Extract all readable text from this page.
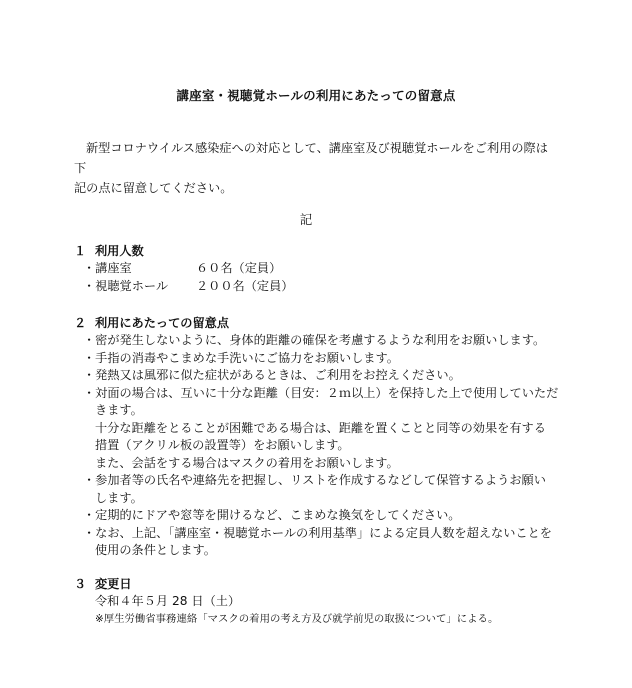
講座室・視聴覚ホールの利用にあたっての留意点

新型コロナウイルス感染症への対応として、講座室及び視聴覚ホールをご利用の際は下

記の点に留意してください。

記
１ 利用人数
・講座室	６０名（定員）
・視聴覚ホール	２００名（定員）
２ 利用にあたっての留意点
・密が発生しないように、身体的距離の確保を考慮するような利用をお願いします。
・手指の消毒やこまめな手洗いにご協力をお願いします。
・発熱又は風邪に似た症状があるときは、ご利用をお控えください。
・対面の場合は、互いに十分な距離（目安：２ｍ以上）を保持した上で使用していただ
きます。
十分な距離をとることが困難である場合は、距離を置くことと同等の効果を有する
措置（アクリル板の設置等）をお願いします。
また、会話をする場合はマスクの着用をお願いします。
・参加者等の氏名や連絡先を把握し、リストを作成するなどして保管するようお願い
します。
・定期的にドアや窓等を開けるなど、こまめな換気をしてください。
・なお、上記、「講座室・視聴覚ホールの利用基準」による定員人数を超えないことを
使用の条件とします。
３ 変更日
令和４年５月 28 日（土）
※厚生労働省事務連絡「マスクの着用の考え方及び就学前児の取扱について」による。
